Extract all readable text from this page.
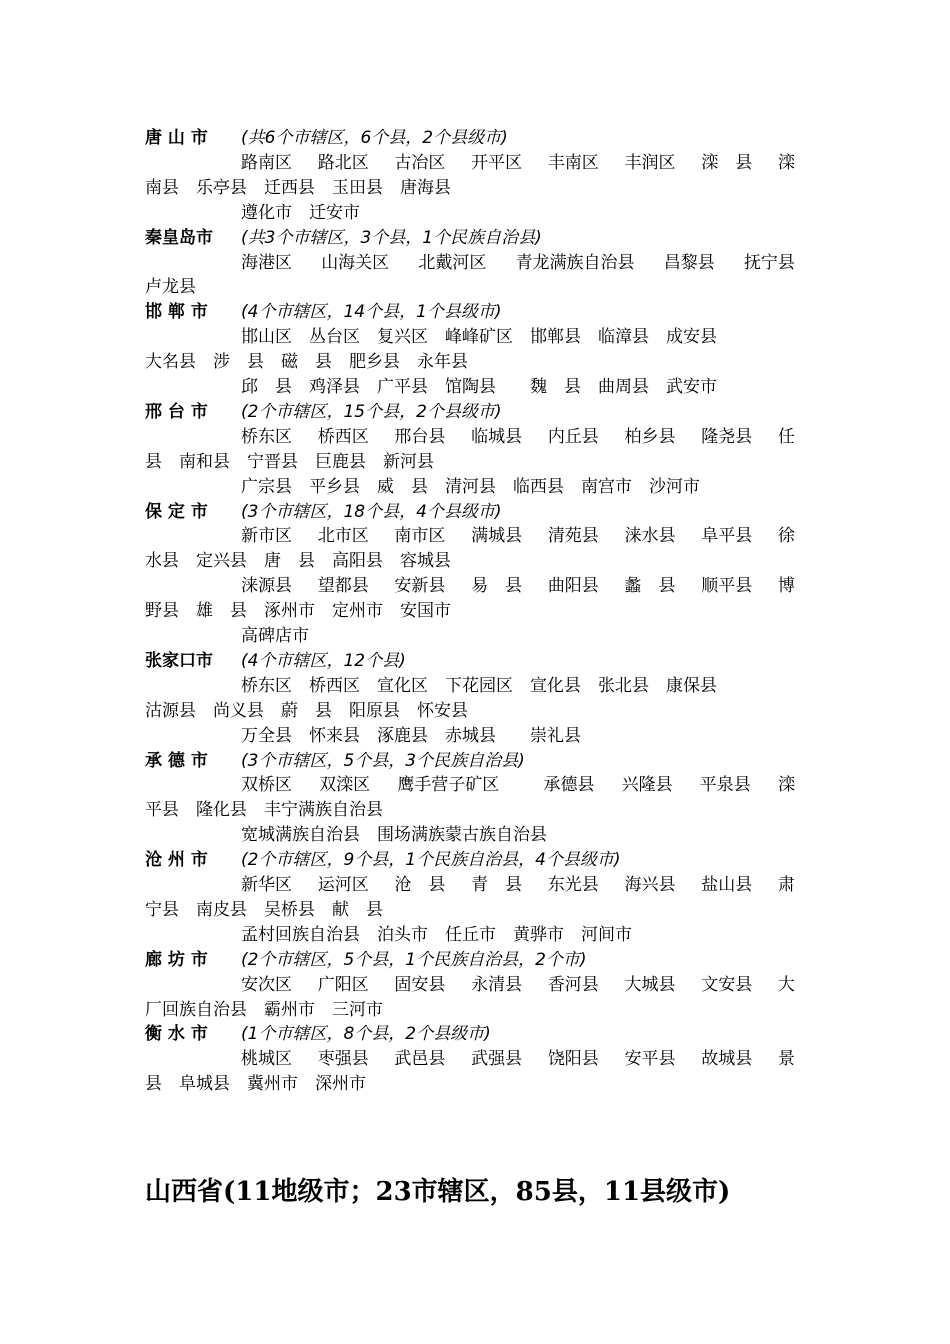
唐 山 市 (共6个市辖区，6个县，2个县级市)
路南区 路北区 古冶区 开平区 丰南区 丰润区 滦　县 滦
南县 乐亭县 迁西县 玉田县 唐海县
遵化市 迁安市
秦皇岛市 (共3个市辖区，3个县，1个民族自治县)
海港区 山海关区 北戴河区 青龙满族自治县 昌黎县 抚宁县
卢龙县
邯 郸 市 (4个市辖区，14个县，1个县级市)
邯山区 丛台区 复兴区 峰峰矿区 邯郸县 临漳县 成安县
大名县 涉　县 磁　县 肥乡县 永年县
邱　县 鸡泽县 广平县 馆陶县　魏　县 曲周县 武安市
邢 台 市 (2个市辖区，15个县，2个县级市)
桥东区 桥西区 邢台县 临城县 内丘县 柏乡县 隆尧县 任
县 南和县 宁晋县 巨鹿县 新河县
广宗县 平乡县 威　县 清河县 临西县 南宫市 沙河市
保 定 市 (3个市辖区，18个县，4个县级市)
新市区 北市区 南市区 满城县 清苑县 涞水县 阜平县 徐
水县 定兴县 唐　县 高阳县 容城县
涞源县 望都县 安新县 易　县 曲阳县 蠡　县 顺平县 博
野县 雄　县 涿州市 定州市 安国市
高碑店市
张家口市 (4个市辖区，12个县)
桥东区 桥西区 宣化区 下花园区 宣化县 张北县 康保县
沽源县 尚义县 蔚　县 阳原县 怀安县
万全县 怀来县 涿鹿县 赤城县　崇礼县
承 德 市 (3个市辖区，5个县，3个民族自治县)
双桥区 双滦区 鹰手营子矿区　 承德县 兴隆县 平泉县 滦
平县 隆化县 丰宁满族自治县
宽城满族自治县 围场满族蒙古族自治县
沧 州 市 (2个市辖区，9个县，1个民族自治县，4个县级市)
新华区 运河区 沧　县 青　县 东光县 海兴县 盐山县 肃
宁县 南皮县 吴桥县 献　县
孟村回族自治县 泊头市 任丘市 黄骅市 河间市
廊 坊 市 (2个市辖区，5个县，1个民族自治县，2个市)
安次区 广阳区 固安县 永清县 香河县 大城县 文安县 大
厂回族自治县 霸州市 三河市
衡 水 市 (1个市辖区，8个县，2个县级市)
桃城区 枣强县 武邑县 武强县 饶阳县 安平县 故城县 景
县 阜城县 冀州市 深州市
山西省(11地级市；23市辖区，85县，11县级市)
